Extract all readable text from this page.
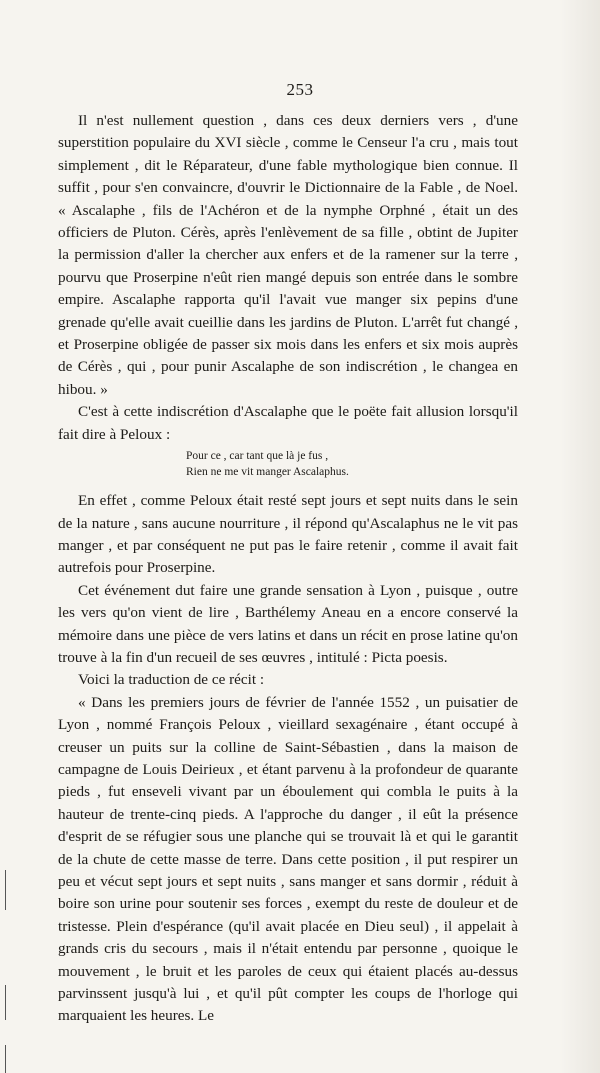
253

Il n'est nullement question , dans ces deux derniers vers , d'une superstition populaire du XVI siècle , comme le Censeur l'a cru , mais tout simplement , dit le Réparateur, d'une fable mythologique bien connue. Il suffit , pour s'en convaincre, d'ouvrir le Dictionnaire de la Fable , de Noel. « Ascalaphe , fils de l'Achéron et de la nymphe Orphné , était un des officiers de Pluton. Cérès, après l'enlèvement de sa fille , obtint de Jupiter la permission d'aller la chercher aux enfers et de la ramener sur la terre , pourvu que Proserpine n'eût rien mangé depuis son entrée dans le sombre empire. Ascalaphe rapporta qu'il l'avait vue manger six pepins d'une grenade qu'elle avait cueillie dans les jardins de Pluton. L'arrêt fut changé , et Proserpine obligée de passer six mois dans les enfers et six mois auprès de Cérès , qui , pour punir Ascalaphe de son indiscrétion , le changea en hibou. »

C'est à cette indiscrétion d'Ascalaphe que le poëte fait allusion lorsqu'il fait dire à Peloux :

Pour ce , car tant que là je fus ,
Rien ne me vit manger Ascalaphus.

En effet , comme Peloux était resté sept jours et sept nuits dans le sein de la nature , sans aucune nourriture , il répond qu'Ascalaphus ne le vit pas manger , et par conséquent ne put pas le faire retenir , comme il avait fait autrefois pour Proserpine.

Cet événement dut faire une grande sensation à Lyon , puisque , outre les vers qu'on vient de lire , Barthélemy Aneau en a encore conservé la mémoire dans une pièce de vers latins et dans un récit en prose latine qu'on trouve à la fin d'un recueil de ses œuvres , intitulé : Picta poesis.

Voici la traduction de ce récit :

« Dans les premiers jours de février de l'année 1552 , un puisatier de Lyon , nommé François Peloux , vieillard sexagénaire , étant occupé à creuser un puits sur la colline de Saint-Sébastien , dans la maison de campagne de Louis Deirieux , et étant parvenu à la profondeur de quarante pieds , fut enseveli vivant par un éboulement qui combla le puits à la hauteur de trente-cinq pieds. A l'approche du danger , il eût la présence d'esprit de se réfugier sous une planche qui se trouvait là et qui le garantit de la chute de cette masse de terre. Dans cette position , il put respirer un peu et vécut sept jours et sept nuits , sans manger et sans dormir , réduit à boire son urine pour soutenir ses forces , exempt du reste de douleur et de tristesse. Plein d'espérance (qu'il avait placée en Dieu seul) , il appelait à grands cris du secours , mais il n'était entendu par personne , quoique le mouvement , le bruit et les paroles de ceux qui étaient placés au-dessus parvinssent jusqu'à lui , et qu'il pût compter les coups de l'horloge qui marquaient les heures. Le
